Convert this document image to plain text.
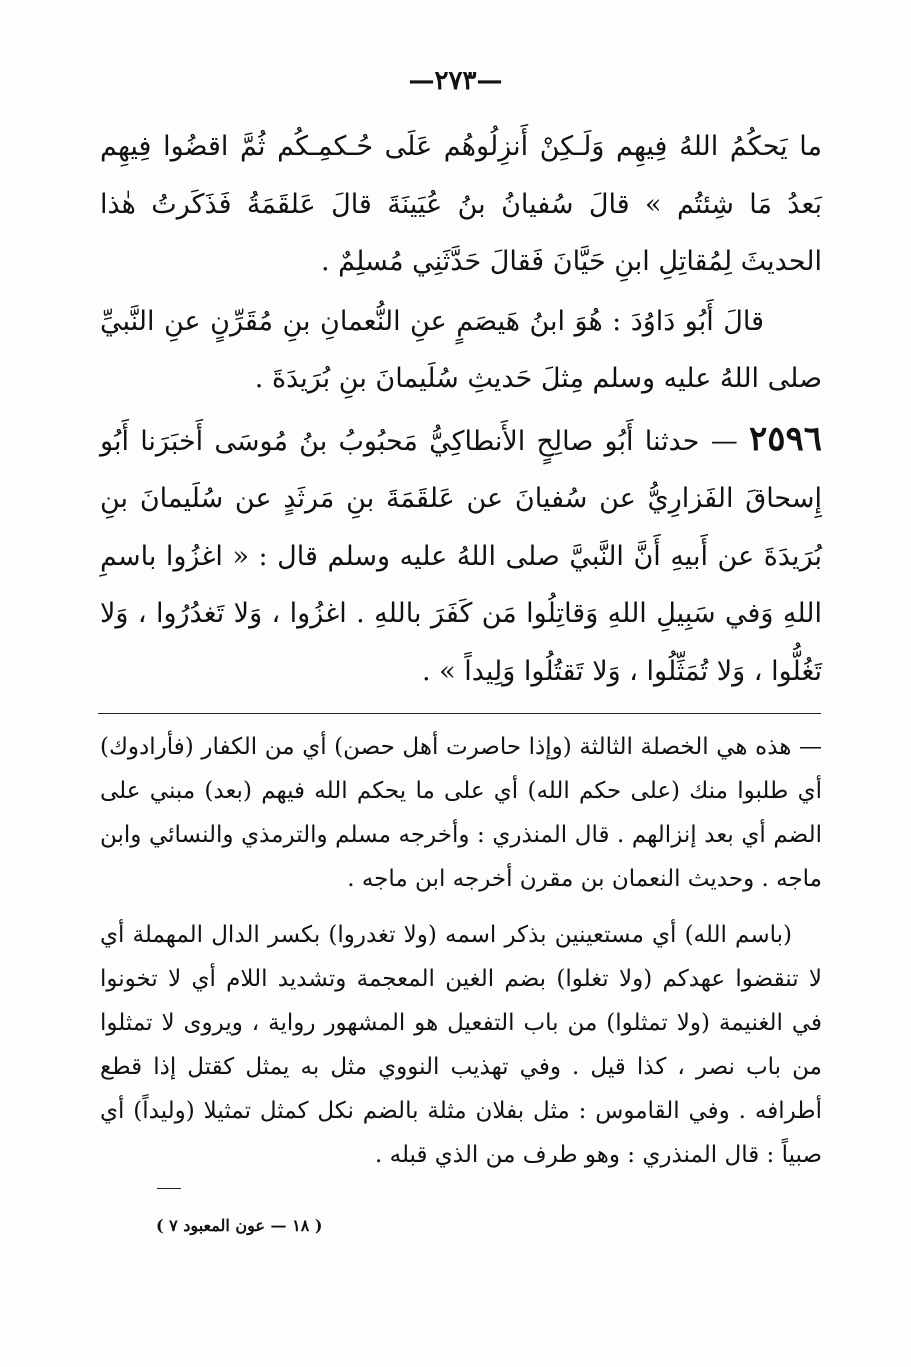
—٢٧٣—

ما يَحكُمُ اللهُ فِيهِم وَلَـكِنْ أَنزِلُوهُم عَلَى حُـكمِـكُم ثُمَّ اقضُوا فِيهِم بَعدُ مَا شِئتُم » قالَ سُفيانُ بنُ عُيَينَةَ قالَ عَلقَمَةُ فَذَكَرتُ هٰذا الحديثَ لِمُقاتِلِ ابنِ حَيَّانَ فَقالَ حَدَّثَنِي مُسلِمٌ .

قالَ أَبُو دَاوُدَ : هُوَ ابنُ هَيصَمٍ عنِ النُّعمانِ بنِ مُقَرِّنٍ عنِ النَّبيِّ صلى اللهُ عليه وسلم مِثلَ حَديثِ سُلَيمانَ بنِ بُرَيدَةَ .

٢٥٩٦ — حدثنا أَبُو صالِحٍ الأَنطاكِيُّ مَحبُوبُ بنُ مُوسَى أَخبَرَنا أَبُو إِسحاقَ الفَزارِيُّ عن سُفيانَ عن عَلقَمَةَ بنِ مَرثَدٍ عن سُلَيمانَ بنِ بُرَيدَةَ عن أَبيهِ أَنَّ النَّبيَّ صلى اللهُ عليه وسلم قال : « اغزُوا باسمِ اللهِ وَفي سَبِيلِ اللهِ وَقاتِلُوا مَن كَفَرَ باللهِ . اغزُوا ، وَلا تَغدُرُوا ، وَلا تَغُلُّوا ، وَلا تُمَثِّلُوا ، وَلا تَقتُلُوا وَلِيداً » .

— هذه هي الخصلة الثالثة (وإذا حاصرت أهل حصن) أي من الكفار (فأرادوك) أي طلبوا منك (على حكم الله) أي على ما يحكم الله فيهم (بعد) مبني على الضم أي بعد إنزالهم . قال المنذري : وأخرجه مسلم والترمذي والنسائي وابن ماجه . وحديث النعمان بن مقرن أخرجه ابن ماجه .

(باسم الله) أي مستعينين بذكر اسمه (ولا تغدروا) بكسر الدال المهملة أي لا تنقضوا عهدكم (ولا تغلوا) بضم الغين المعجمة وتشديد اللام أي لا تخونوا في الغنيمة (ولا تمثلوا) من باب التفعيل هو المشهور رواية ، ويروى لا تمثلوا من باب نصر ، كذا قيل . وفي تهذيب النووي مثل به يمثل كقتل إذا قطع أطرافه . وفي القاموس : مثل بفلان مثلة بالضم نكل كمثل تمثيلا (وليداً) أي صبياً : قال المنذري : وهو طرف من الذي قبله .

( ١٨ — عون المعبود ٧ )
